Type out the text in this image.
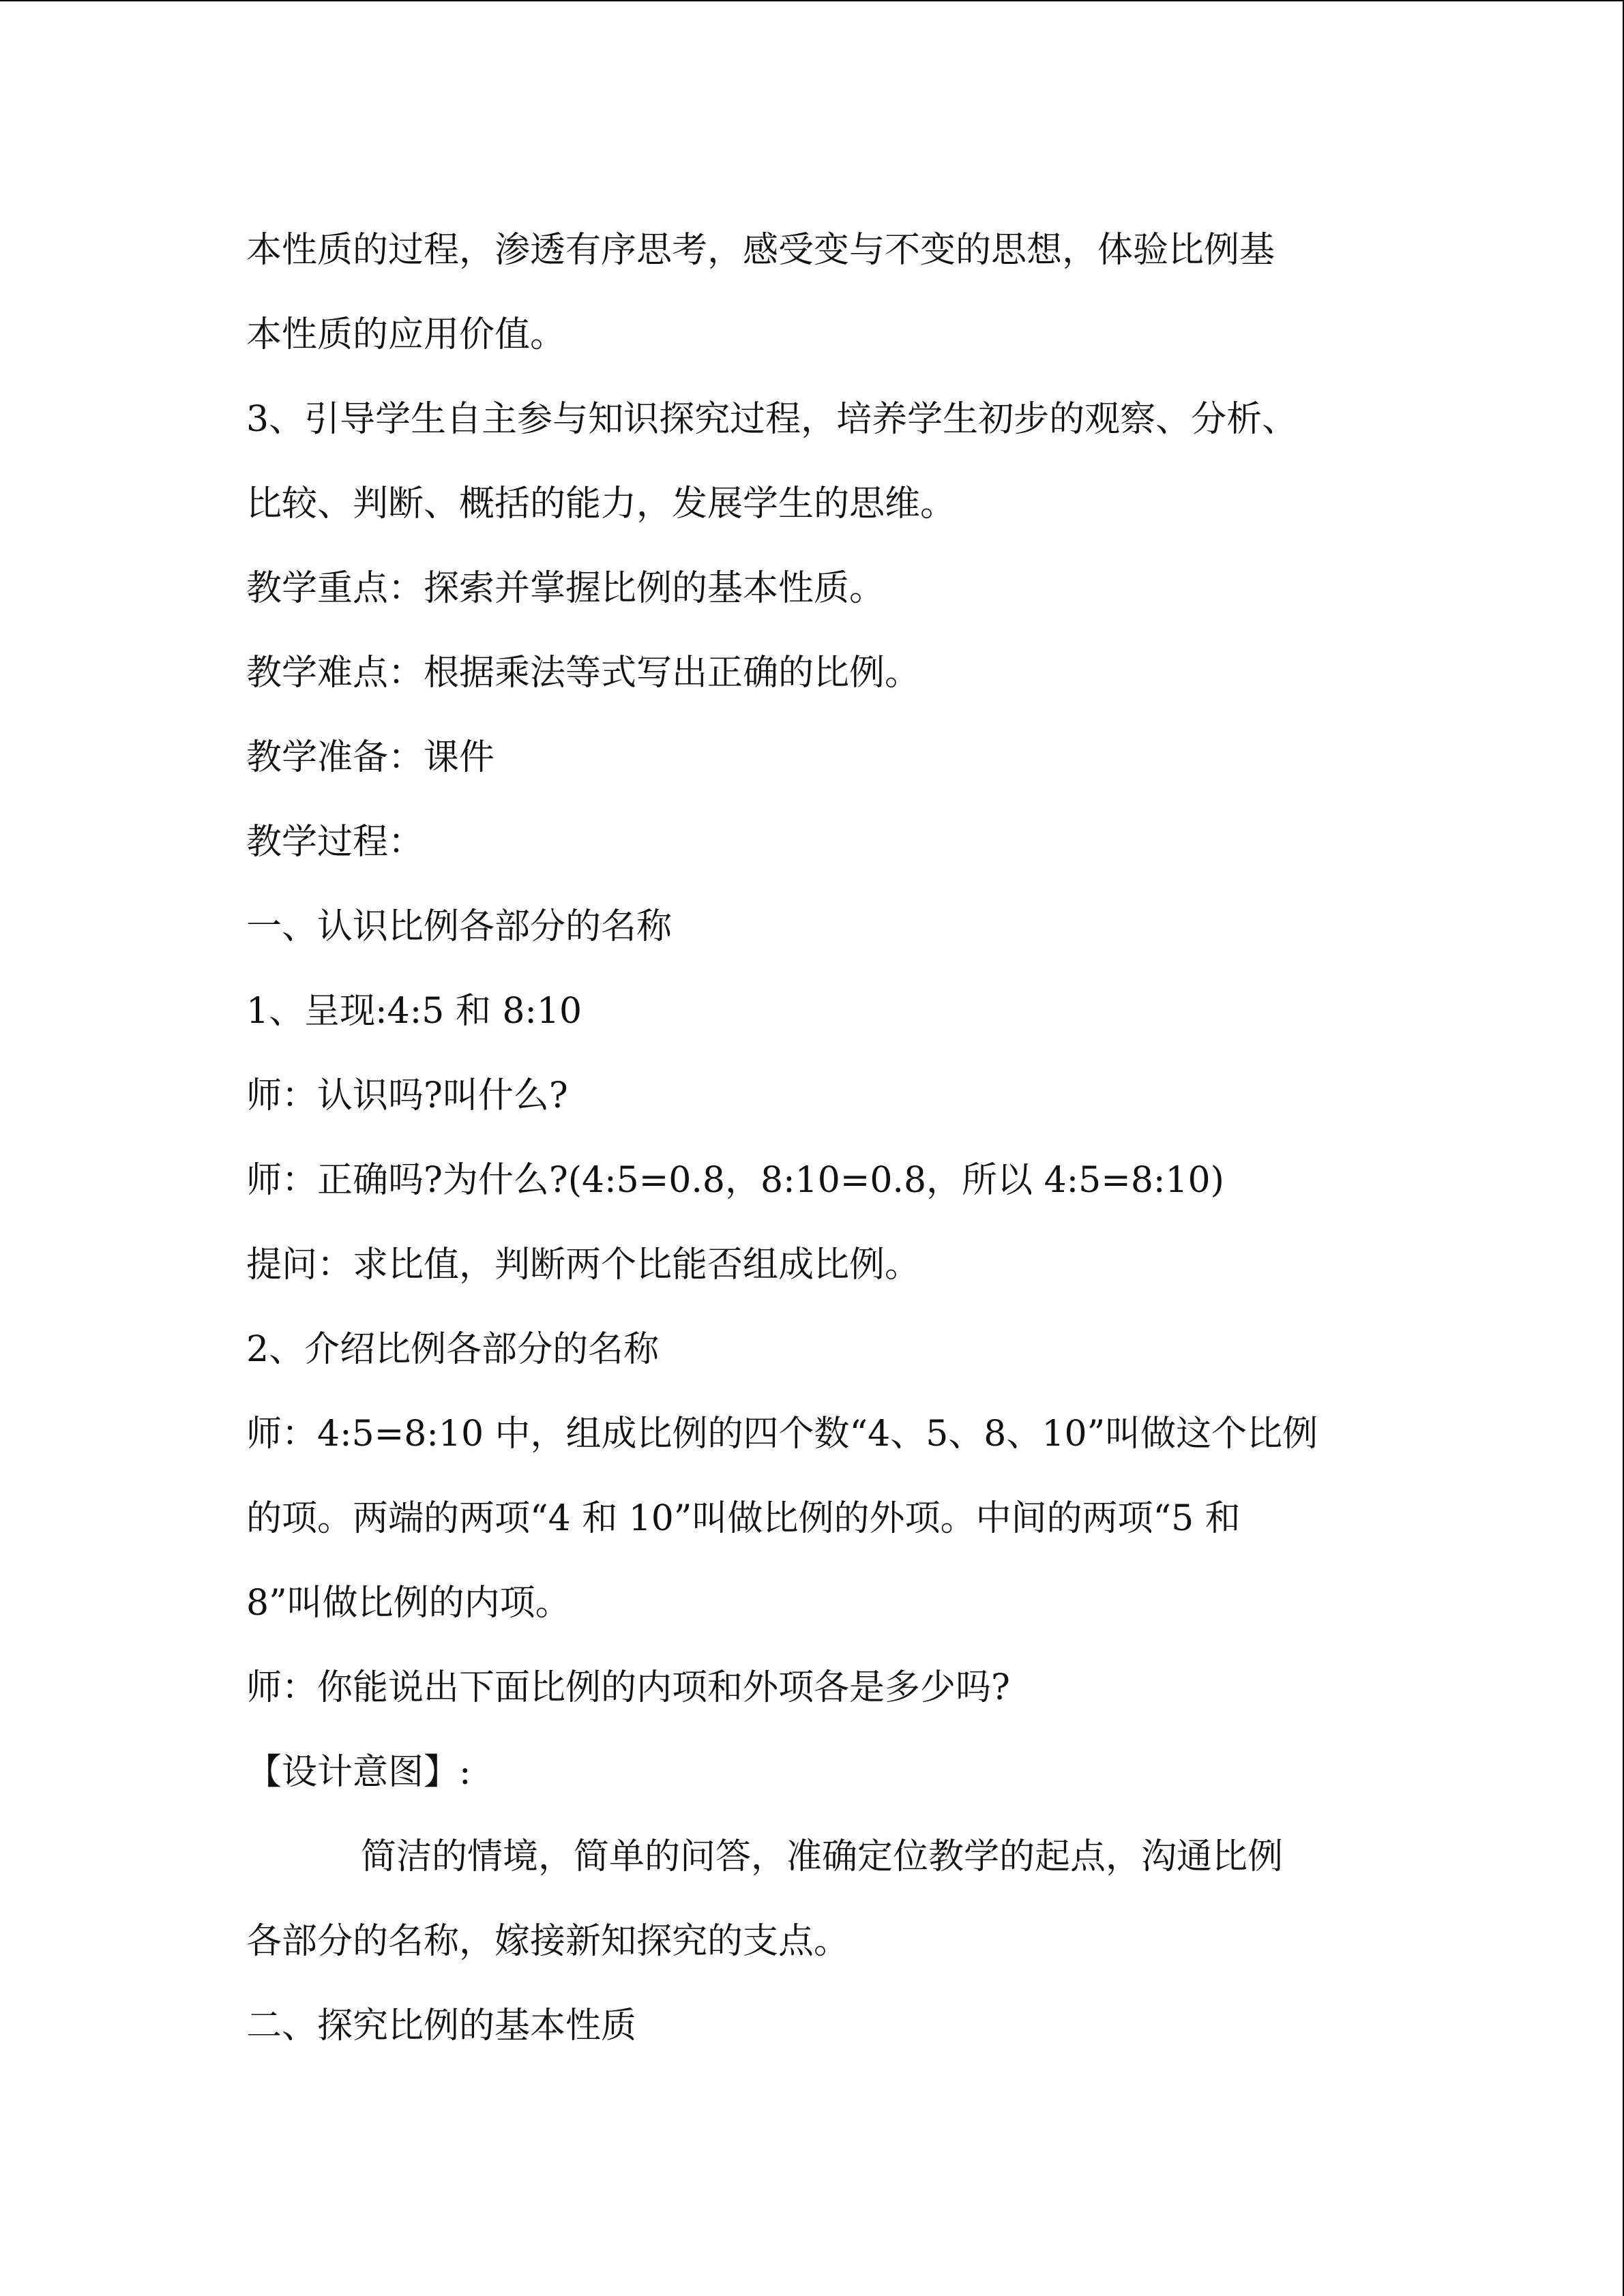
本性质的过程，渗透有序思考，感受变与不变的思想，体验比例基
本性质的应用价值。
3、引导学生自主参与知识探究过程，培养学生初步的观察、分析、
比较、判断、概括的能力，发展学生的思维。
教学重点：探索并掌握比例的基本性质。
教学难点：根据乘法等式写出正确的比例。
教学准备：课件
教学过程：
一、认识比例各部分的名称
1、呈现:4:5 和 8:10
师：认识吗?叫什么?
师：正确吗?为什么?(4:5=0.8，8:10=0.8，所以 4:5=8:10)
提问：求比值，判断两个比能否组成比例。
2、介绍比例各部分的名称
师：4:5=8:10 中，组成比例的四个数“4、5、8、10”叫做这个比例
的项。两端的两项“4 和 10”叫做比例的外项。中间的两项“5 和
8”叫做比例的内项。
师：你能说出下面比例的内项和外项各是多少吗?
【设计意图】:
简洁的情境，简单的问答，准确定位教学的起点，沟通比例
各部分的名称，嫁接新知探究的支点。
二、探究比例的基本性质
